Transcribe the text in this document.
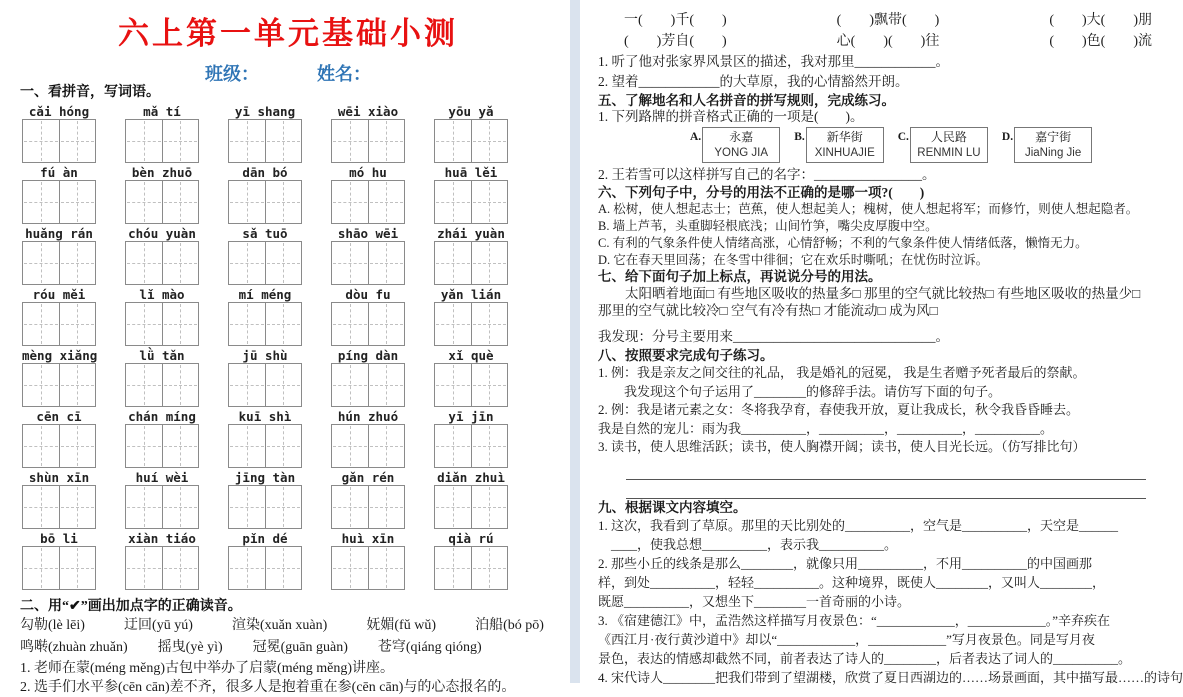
六上第一单元基础小测
班级：	姓名：
一、看拼音，写词语。
cǎi hóng	mǎ tí	yī shang	wēi xiào	yōu yǎ
fú àn	bèn zhuō	dān bó	mó hu	huā lěi
huǎng rán	chóu yuàn	sǎ tuō	shāo wēi	zhái yuàn
róu měi	lǐ mào	mí méng	dòu fu	yǎn lián
mèng xiǎng	lǜ tǎn	jū shù	píng dàn	xǐ què
cēn cī	chán míng	kuī shì	hún zhuó	yī jīn
shùn xīn	huí wèi	jīng tàn	gǎn rén	diǎn zhuì
bō li	xiàn tiáo	pǐn dé	huì xīn	qià rú
二、用“✔”画出加点字的正确读音。
勾勒(lè lēi)	迂回(yū yú)	渲染(xuǎn xuàn)	妩媚(fǔ wǔ)	泊船(bó pō)
鸣啭(zhuàn zhuǎn) 摇曳(yè yì) 冠冕(guān guàn) 苍穹(qiáng qióng)
1. 老师在蒙(méng měng)古包中举办了启蒙(méng měng)讲座。
2. 选手们水平参(cēn cān)差不齐，很多人是抱着重在参(cēn cān)与的心态报名的。
一(　　)千(　　)	(　　)飘带(　　)	(　　)大(　　)朋
(　　)芳自(　　)	心(　　)(　　)往	(　　)色(　　)流
1. 听了他对张家界风景区的描述，我对那里____________。
2. 望着____________的大草原，我的心情豁然开朗。
五、了解地名和人名拼音的拼写规则，完成练习。
1. 下列路牌的拼音格式正确的一项是(　　)。
A.	永嘉
YONG JIA
B.	新华街
XINHUAJIE
C.	人民路
RENMIN LU
D.	嘉宁街
JiaNing Jie
2. 王若雪可以这样拼写自己的名字：________________。
六、下列句子中，分号的用法不正确的是哪一项?(　　)
A. 松树，使人想起志士；芭蕉，使人想起美人；槐树，使人想起将军；而修竹，则使人想起隐者。
B. 墙上芦苇，头重脚轻根底浅；山间竹笋，嘴尖皮厚腹中空。
C. 有利的气象条件使人情绪高涨，心情舒畅；不利的气象条件使人情绪低落，懒惰无力。
D. 它在春天里回荡；在冬雪中徘徊；它在欢乐时嘶吼；在忧伤时泣诉。
七、给下面句子加上标点，再说说分号的用法。
　　太阳晒着地面□ 有些地区吸收的热量多□ 那里的空气就比较热□ 有些地区吸收的热量少□
那里的空气就比较冷□ 空气有冷有热□ 才能流动□ 成为风□
我发现：分号主要用来______________________________。
八、按照要求完成句子练习。
1. 例：我是亲友之间交往的礼品， 我是婚礼的冠冕， 我是生者赠予死者最后的祭献。
　　我发现这个句子运用了________的修辞手法。请仿写下面的句子。
2. 例：我是诸元素之女：冬将我孕育，春使我开放，夏让我成长，秋令我昏昏睡去。
我是自然的宠儿：雨为我__________，__________，__________，__________。
3. 读书，使人思维活跃；读书，使人胸襟开阔；读书，使人目光长远。（仿写排比句）
九、根据课文内容填空。
1. 这次，我看到了草原。那里的天比别处的__________，空气是__________，天空是______
　____，使我总想__________，表示我__________。
2. 那些小丘的线条是那么________，就像只用__________，不用__________的中国画那
样，到处__________，轻轻__________。这种境界，既使人________，又叫人________，
既愿__________，又想坐下________一首奇丽的小诗。
3. 《宿建德江》中，孟浩然这样描写月夜景色：“____________，____________。”辛弃疾在
《西江月·夜行黄沙道中》却以“____________，____________”写月夜景色。同是写月夜
景色，表达的情感却截然不同，前者表达了诗人的________，后者表达了词人的__________。
4. 宋代诗人________把我们带到了望湖楼，欣赏了夏日西湖边的……场景画面，其中描写最……的诗句
